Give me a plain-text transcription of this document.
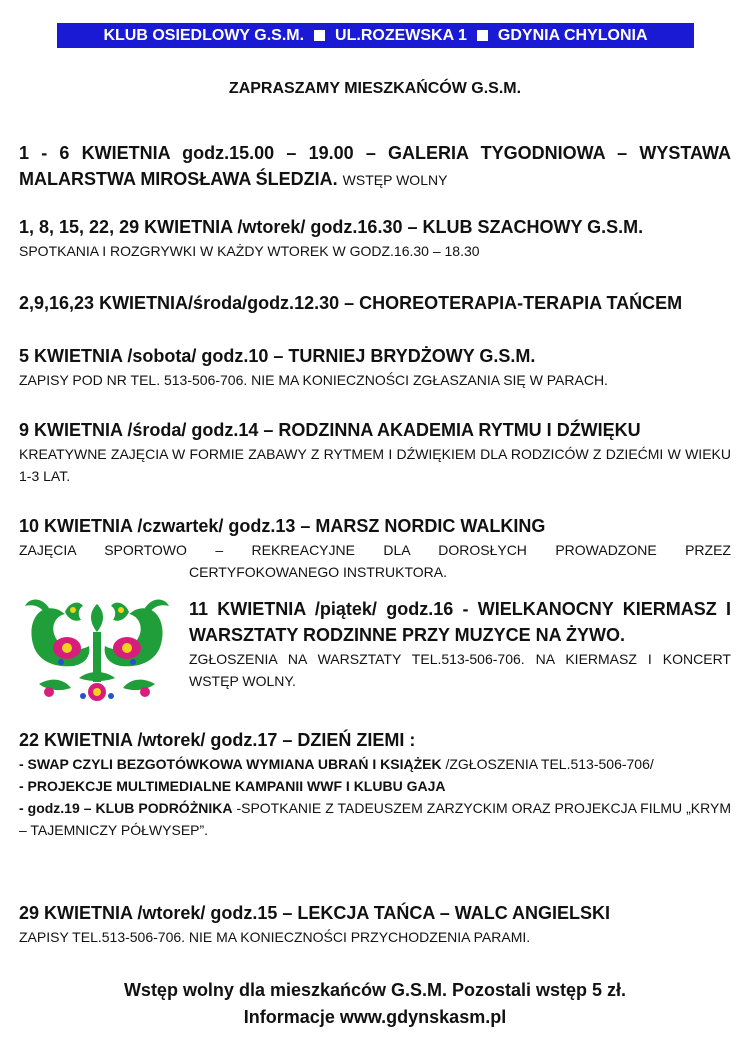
KLUB OSIEDLOWY G.S.M. UL.ROZEWSKA 1 GDYNIA CHYLONIA
ZAPRASZAMY MIESZKAŃCÓW G.S.M.
1 - 6 KWIETNIA godz.15.00 – 19.00 – GALERIA TYGODNIOWA – WYSTAWA MALARSTWA MIROSŁAWA ŚLEDZIA. WSTĘP WOLNY
1, 8, 15, 22, 29 KWIETNIA /wtorek/ godz.16.30 – KLUB SZACHOWY G.S.M.
SPOTKANIA I ROZGRYWKI W KAŻDY WTOREK W GODZ.16.30 – 18.30
2,9,16,23 KWIETNIA/środa/godz.12.30 – CHOREOTERAPIA-TERAPIA TAŃCEM
5 KWIETNIA /sobota/ godz.10 – TURNIEJ BRYDŻOWY G.S.M.
ZAPISY POD NR TEL. 513-506-706. NIE MA KONIECZNOŚCI ZGŁASZANIA SIĘ W PARACH.
9 KWIETNIA /środa/ godz.14 – RODZINNA AKADEMIA RYTMU I DŹWIĘKU
KREATYWNE ZAJĘCIA W FORMIE ZABAWY Z RYTMEM I DŹWIĘKIEM DLA RODZICÓW Z DZIEĆMI W WIEKU 1-3 LAT.
10 KWIETNIA /czwartek/ godz.13 – MARSZ NORDIC WALKING
ZAJĘCIA SPORTOWO – REKREACYJNE DLA DOROSŁYCH PROWADZONE PRZEZ
CERTYFOKOWANEGO INSTRUKTORA.
11 KWIETNIA /piątek/ godz.16 - WIELKANOCNY KIERMASZ I WARSZTATY RODZINNE PRZY MUZYCE NA ŻYWO.
ZGŁOSZENIA NA WARSZTATY TEL.513-506-706. NA KIERMASZ I KONCERT WSTĘP WOLNY.
22 KWIETNIA /wtorek/ godz.17 – DZIEŃ ZIEMI :
- SWAP CZYLI BEZGOTÓWKOWA WYMIANA UBRAŃ I KSIĄŻEK /ZGŁOSZENIA TEL.513-506-706/
- PROJEKCJE MULTIMEDIALNE KAMPANII WWF I KLUBU GAJA
- godz.19 – KLUB PODRÓŻNIKA -SPOTKANIE Z TADEUSZEM ZARZYCKIM ORAZ PROJEKCJA FILMU „KRYM – TAJEMNICZY PÓŁWYSEP”.
29 KWIETNIA /wtorek/ godz.15 – LEKCJA TAŃCA – WALC ANGIELSKI
ZAPISY TEL.513-506-706. NIE MA KONIECZNOŚCI PRZYCHODZENIA PARAMI.
Wstęp wolny dla mieszkańców G.S.M. Pozostali wstęp 5 zł.
Informacje www.gdynskasm.pl
